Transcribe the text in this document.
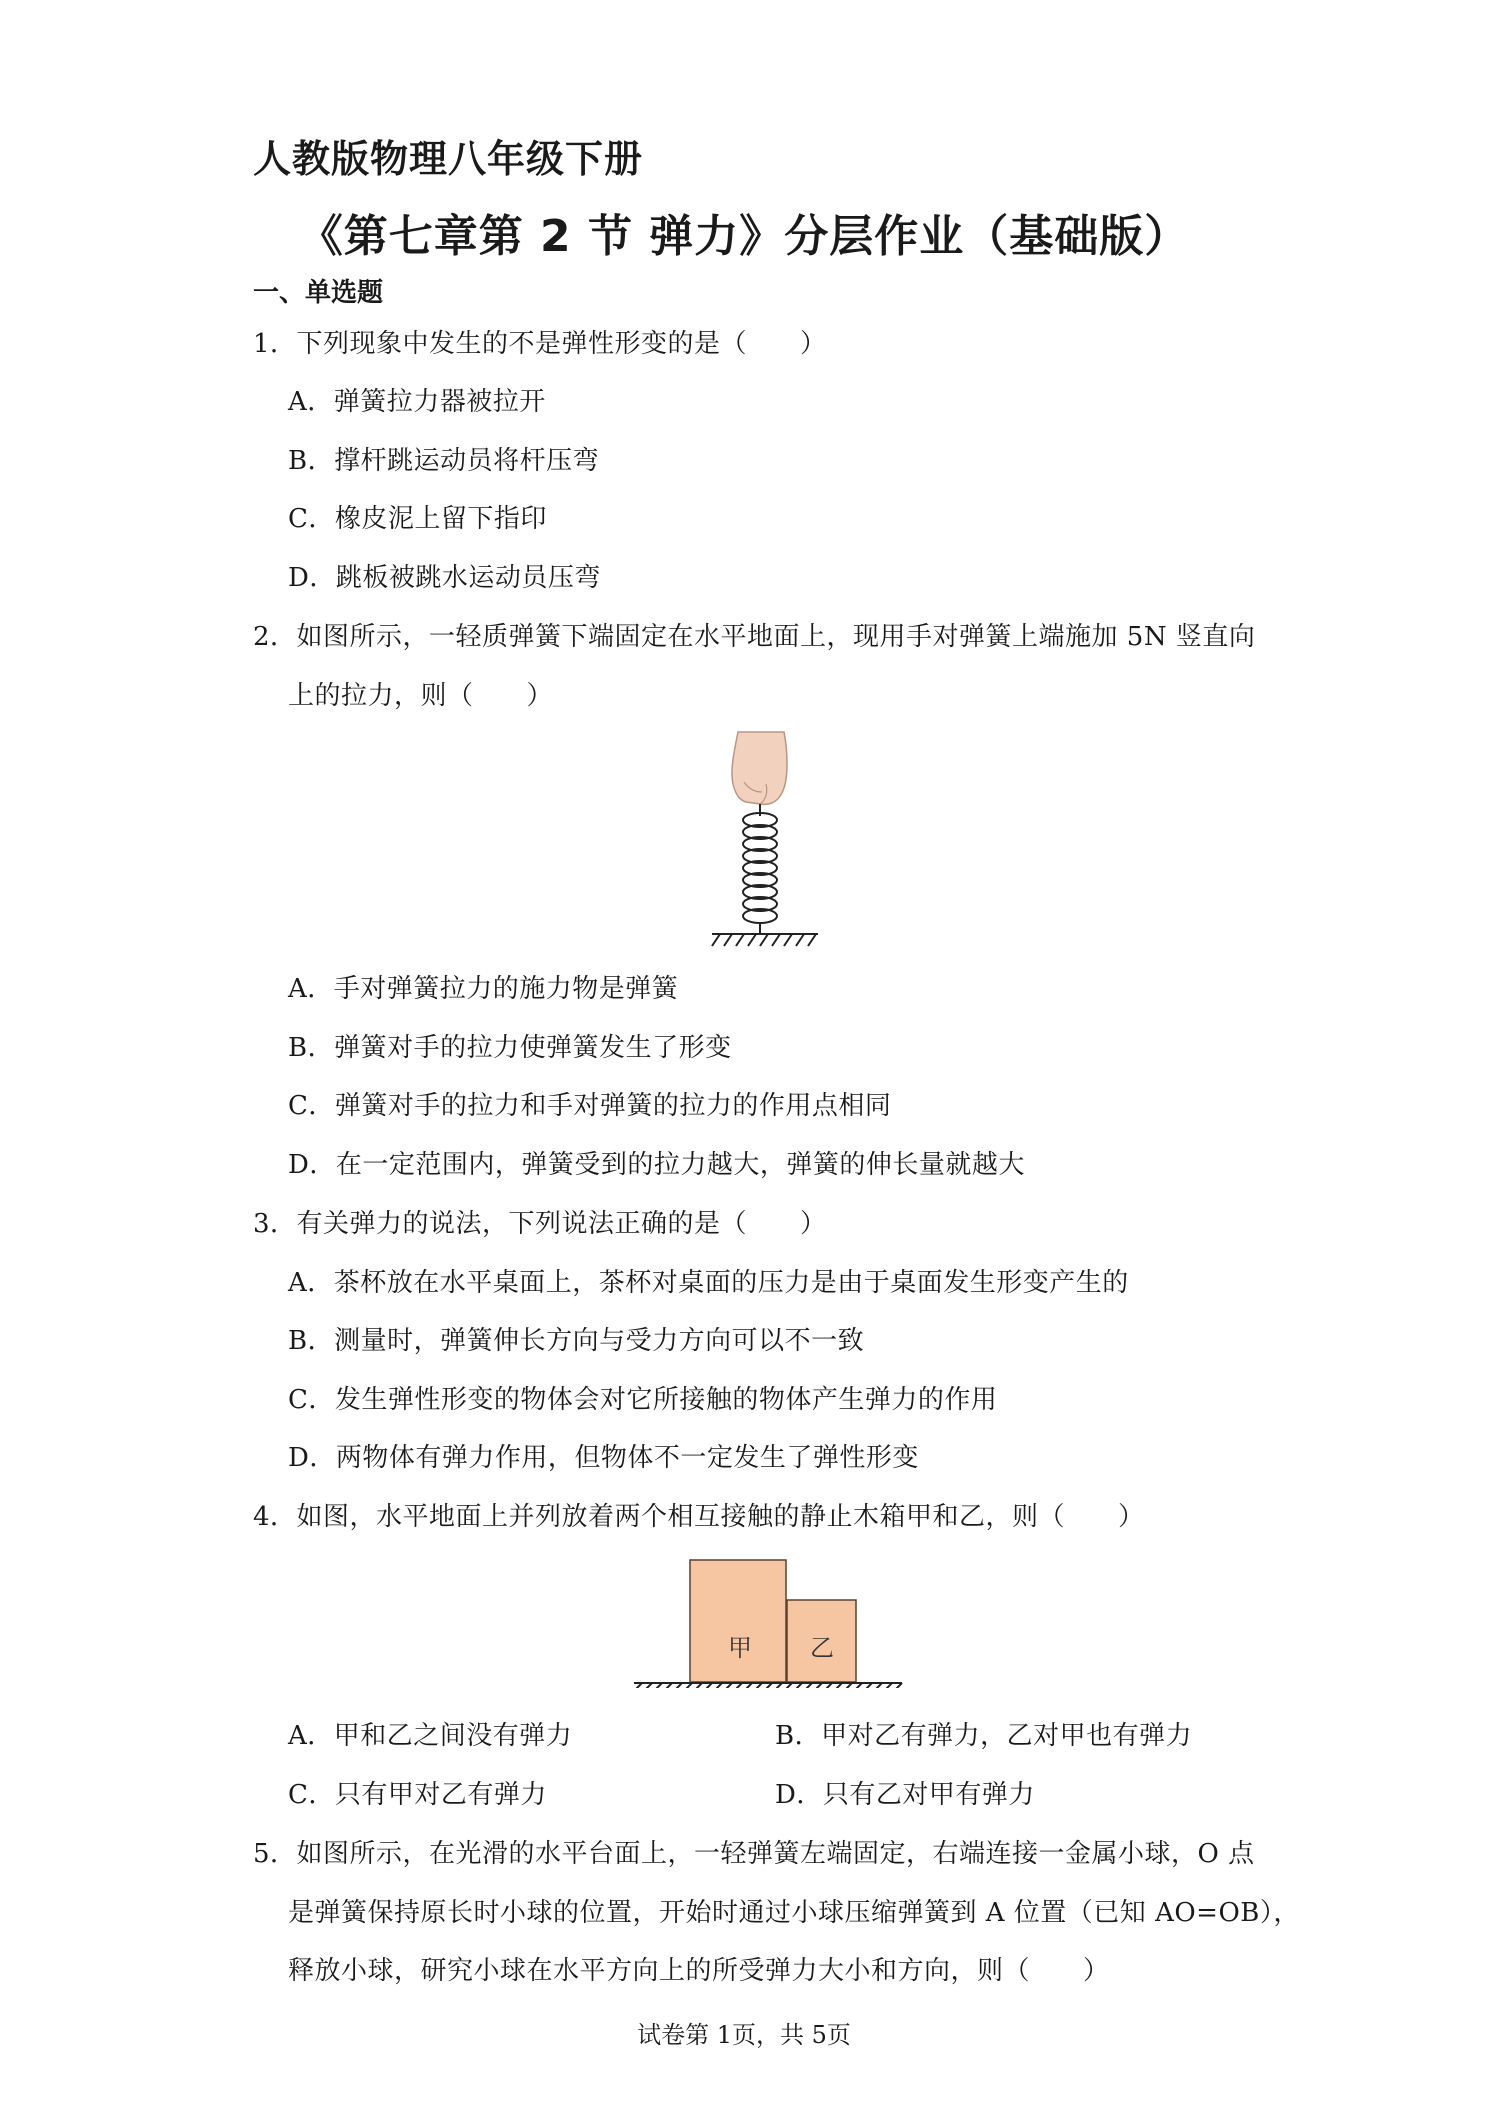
人教版物理八年级下册
《第七章第 2 节 弹力》分层作业（基础版）
一、单选题
1．下列现象中发生的不是弹性形变的是（　　）
A．弹簧拉力器被拉开
B．撑杆跳运动员将杆压弯
C．橡皮泥上留下指印
D．跳板被跳水运动员压弯
2．如图所示，一轻质弹簧下端固定在水平地面上，现用手对弹簧上端施加 5N 竖直向
上的拉力，则（　　）
A．手对弹簧拉力的施力物是弹簧
B．弹簧对手的拉力使弹簧发生了形变
C．弹簧对手的拉力和手对弹簧的拉力的作用点相同
D．在一定范围内，弹簧受到的拉力越大，弹簧的伸长量就越大
3．有关弹力的说法，下列说法正确的是（　　）
A．茶杯放在水平桌面上，茶杯对桌面的压力是由于桌面发生形变产生的
B．测量时，弹簧伸长方向与受力方向可以不一致
C．发生弹性形变的物体会对它所接触的物体产生弹力的作用
D．两物体有弹力作用，但物体不一定发生了弹性形变
4．如图，水平地面上并列放着两个相互接触的静止木箱甲和乙，则（　　）
甲 乙
A．甲和乙之间没有弹力	B．甲对乙有弹力，乙对甲也有弹力
C．只有甲对乙有弹力	D．只有乙对甲有弹力
5．如图所示，在光滑的水平台面上，一轻弹簧左端固定，右端连接一金属小球，O 点
是弹簧保持原长时小球的位置，开始时通过小球压缩弹簧到 A 位置（已知 AO=OB），
释放小球，研究小球在水平方向上的所受弹力大小和方向，则（　　）
试卷第 1页，共 5页
